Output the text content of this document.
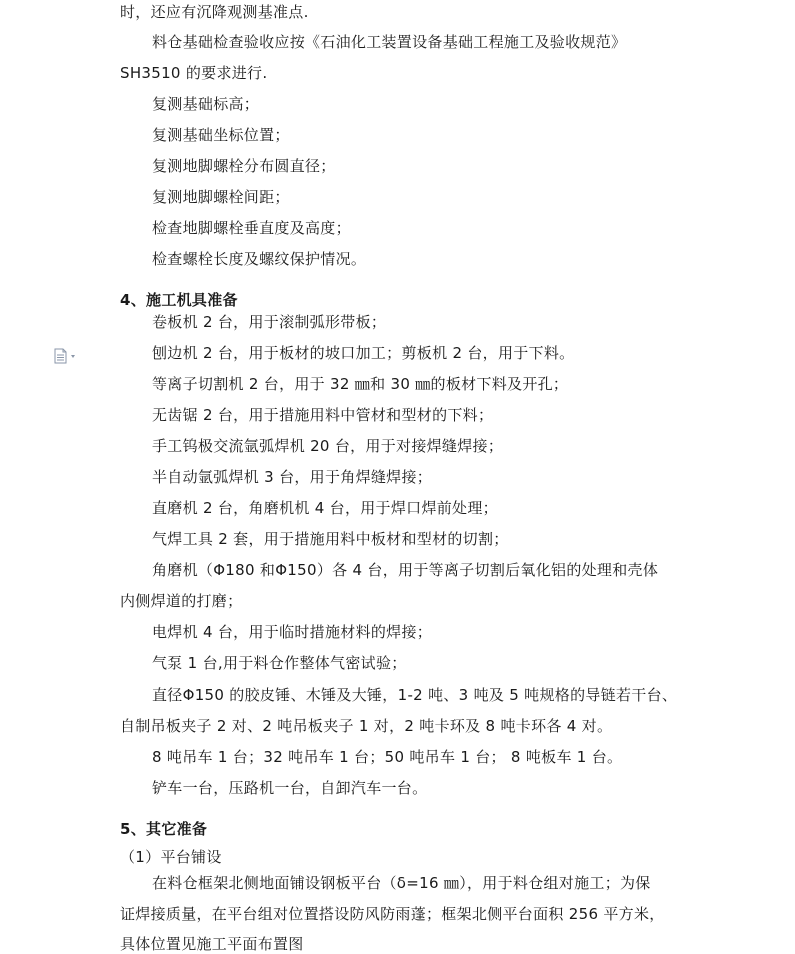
时，还应有沉降观测基准点.
料仓基础检查验收应按《石油化工装置设备基础工程施工及验收规范》
SH3510 的要求进行.
复测基础标高；
复测基础坐标位置；
复测地脚螺栓分布圆直径；
复测地脚螺栓间距；
检查地脚螺栓垂直度及高度；
检查螺栓长度及螺纹保护情况。
4、施工机具准备
卷板机 2 台，用于滚制弧形带板；
刨边机 2 台，用于板材的坡口加工；剪板机 2 台，用于下料。
等离子切割机 2 台，用于 32 ㎜和 30 ㎜的板材下料及开孔；
无齿锯 2 台，用于措施用料中管材和型材的下料；
手工钨极交流氩弧焊机 20 台，用于对接焊缝焊接；
半自动氩弧焊机 3 台，用于角焊缝焊接；
直磨机 2 台，角磨机机 4 台，用于焊口焊前处理；
气焊工具 2 套，用于措施用料中板材和型材的切割；
角磨机（Φ180 和Φ150）各 4 台，用于等离子切割后氧化铝的处理和壳体
内侧焊道的打磨；
电焊机 4 台，用于临时措施材料的焊接；
气泵 1 台,用于料仓作整体气密试验；
直径Φ150 的胶皮锤、木锤及大锤，1-2 吨、3 吨及 5 吨规格的导链若干台、
自制吊板夹子 2 对、2 吨吊板夹子 1 对，2 吨卡环及 8 吨卡环各 4 对。
8 吨吊车 1 台；32 吨吊车 1 台；50 吨吊车 1 台； 8 吨板车 1 台。
铲车一台，压路机一台，自卸汽车一台。
5、其它准备
（1）平台铺设
在料仓框架北侧地面铺设钢板平台（δ=16 ㎜），用于料仓组对施工；为保
证焊接质量，在平台组对位置搭设防风防雨蓬；框架北侧平台面积 256 平方米，
具体位置见施工平面布置图
